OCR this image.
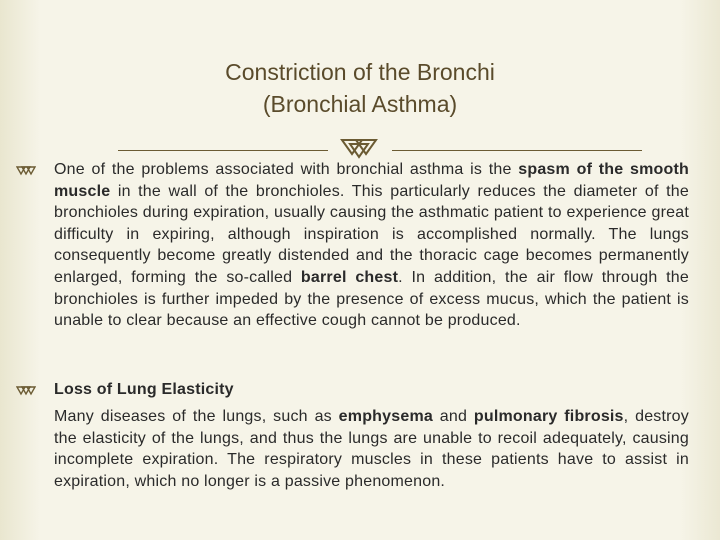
Constriction of the Bronchi
(Bronchial Asthma)
One of the problems associated with bronchial asthma is the spasm of the smooth muscle in the wall of the bronchioles. This particularly reduces the diameter of the bronchioles during expiration, usually causing the asthmatic patient to experience great difficulty in expiring, although inspiration is accomplished normally. The lungs consequently become greatly distended and the thoracic cage becomes permanently enlarged, forming the so-called barrel chest. In addition, the air flow through the bronchioles is further impeded by the presence of excess mucus, which the patient is unable to clear because an effective cough cannot be produced.
Loss of Lung Elasticity
Many diseases of the lungs, such as emphysema and pulmonary fibrosis, destroy the elasticity of the lungs, and thus the lungs are unable to recoil adequately, causing incomplete expiration. The respiratory muscles in these patients have to assist in expiration, which no longer is a passive phenomenon.
